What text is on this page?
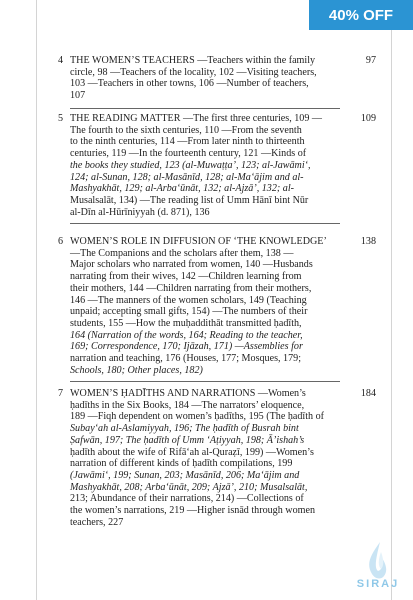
40% OFF
4 THE WOMEN’S TEACHERS —Teachers within the family
circle, 98 —Teachers of the locality, 102 —Visiting teachers,
103 —Teachers in other towns, 106 —Number of teachers,
107
97
5 THE READING MATTER —The first three centuries, 109 —
The fourth to the sixth centuries, 110 —From the seventh
to the ninth centuries, 114 —From later ninth to thirteenth
centuries, 119 —In the fourteenth century, 121 —Kinds of
the books they studied, 123 (al-Muwaṭṭa’, 123; al-Jawāmi‘,
124; al-Sunan, 128; al-Masānīd, 128; al-Ma‘ājim and al-
Mashyakhāt, 129; al-Arba‘ūnāt, 132; al-Ajzā’, 132; al-
Musalsalāt, 134) —The reading list of Umm Hānī bint Nūr
al-Dīn al-Hūrīniyyah (d. 871), 136
109
6 WOMEN’S ROLE IN DIFFUSION OF ‘THE KNOWLEDGE’
—The Companions and the scholars after them, 138 —
Major scholars who narrated from women, 140 —Husbands
narrating from their wives, 142 —Children learning from
their mothers, 144 —Children narrating from their mothers,
146 —The manners of the women scholars, 149 (Teaching
unpaid; accepting small gifts, 154) —The numbers of their
students, 155 —How the muḥaddithāt transmitted ḥadīth,
164 (Narration of the words, 164; Reading to the teacher,
169; Correspondence, 170; Ijāzah, 171) —Assemblies for
narration and teaching, 176 (Houses, 177; Mosques, 179;
Schools, 180; Other places, 182)
138
7 WOMEN’S ḤADĪTHS AND NARRATIONS —Women’s
ḥadīths in the Six Books, 184 —The narrators’ eloquence,
189 —Fiqh dependent on women’s ḥadīths, 195 (The ḥadīth of
Subay‘ah al-Aslamiyyah, 196; The ḥadīth of Busrah bint
Ṣafwān, 197; The ḥadīth of Umm ‘Aṭiyyah, 198; Ā’ishah’s
ḥadīth about the wife of Rifā‘ah al-Quraẓī, 199) —Women’s
narration of different kinds of ḥadīth compilations, 199
(Jawāmi‘, 199; Sunan, 203; Masānīd, 206; Ma‘ājim and
Mashyakhāt, 208; Arba‘ūnāt, 209; Ajzā’, 210; Musalsalāt,
213; Abundance of their narrations, 214) —Collections of
the women’s narrations, 219 —Higher isnād through women
teachers, 227
184
SIRAJ
